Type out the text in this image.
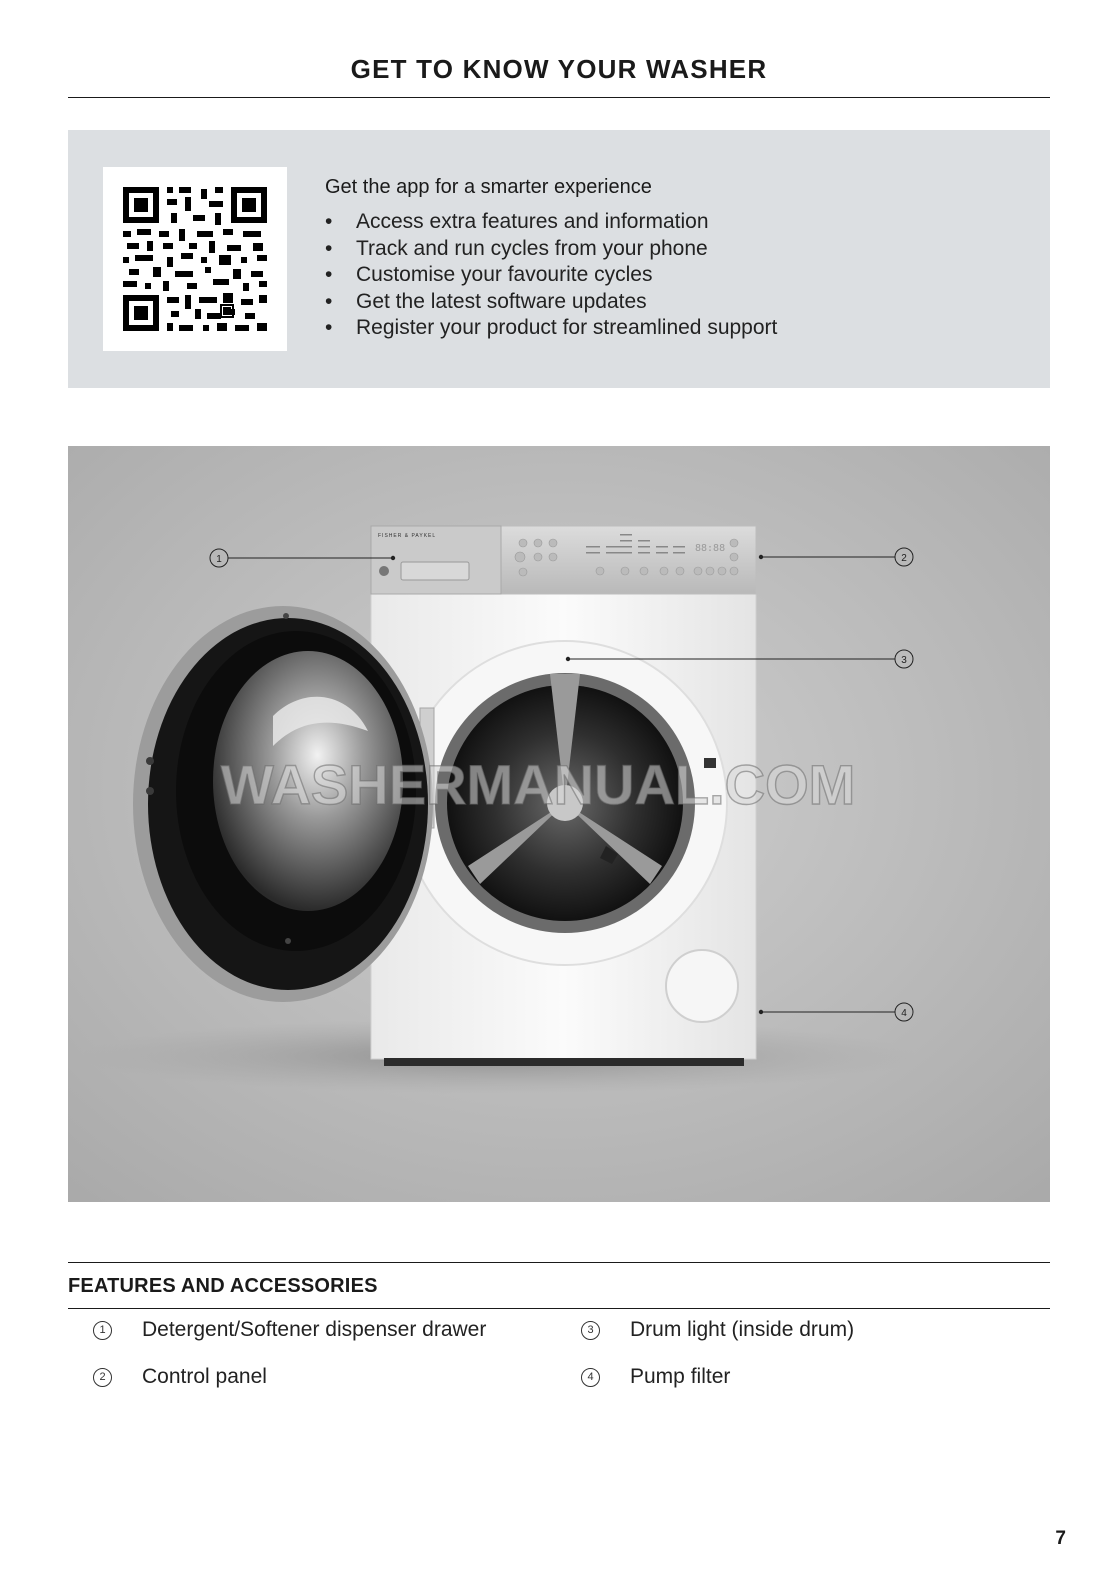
GET TO KNOW YOUR WASHER
Get the app for a smarter experience
• Access extra features and information
• Track and run cycles from your phone
• Customise your favourite cycles
• Get the latest software updates
• Register your product for streamlined support
FISHER & PAYKEL
88:88
WASHERMANUAL.COM
1	2
3
4
FEATURES AND ACCESSORIES
1	Detergent/Softener dispenser drawer
2	Control panel
3	Drum light (inside drum)
4	Pump filter
7
